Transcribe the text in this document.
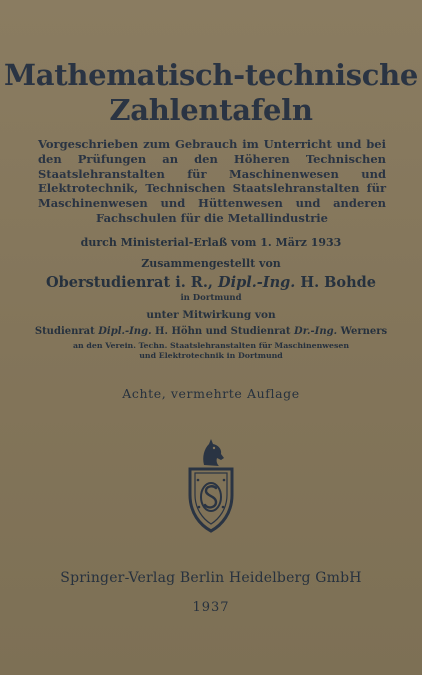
Mathematisch-technische
Zahlentafeln
Vorgeschrieben zum Gebrauch im Unterricht und bei den Prüfungen an den Höheren Technischen Staatslehranstalten für Maschinenwesen und Elektrotechnik, Technischen Staatslehranstalten für Maschinenwesen und Hüttenwesen und anderen Fachschulen für die Metallindustrie
durch Ministerial-Erlaß vom 1. März 1933
Zusammengestellt von
Oberstudienrat i. R., Dipl.-Ing. H. Bohde
in Dortmund
unter Mitwirkung von
Studienrat Dipl.-Ing. H. Höhn und Studienrat Dr.-Ing. Werners
an den Verein. Techn. Staatslehranstalten für Maschinenwesen
und Elektrotechnik in Dortmund
Achte, vermehrte Auflage
Springer-Verlag Berlin Heidelberg GmbH
1937
